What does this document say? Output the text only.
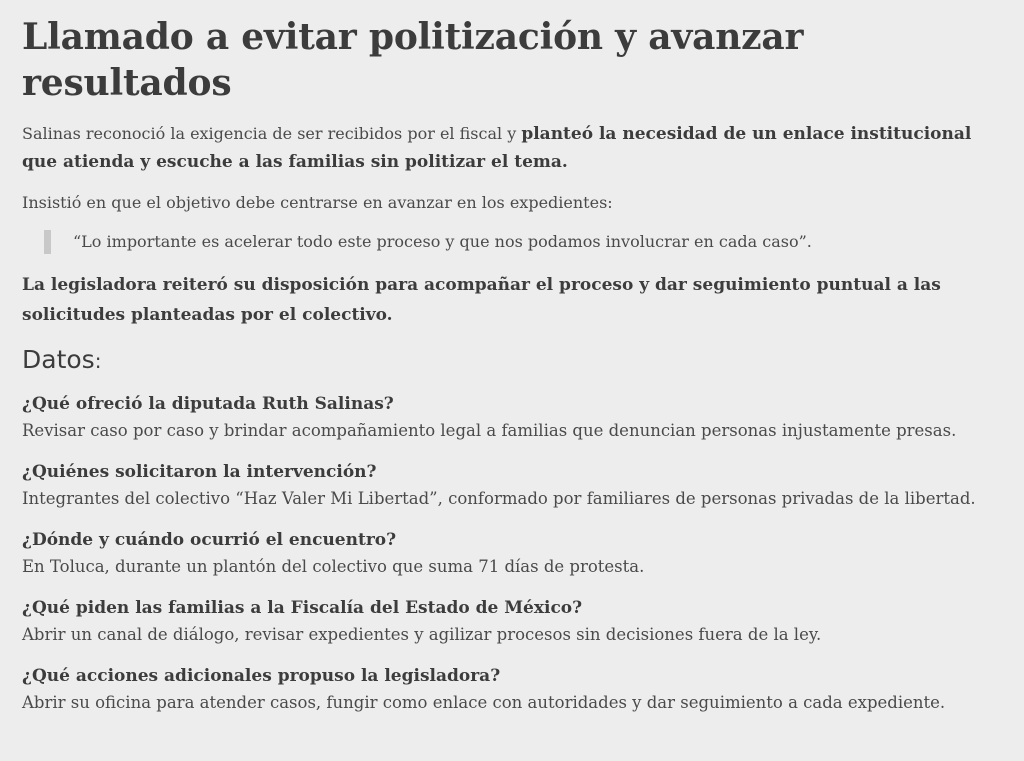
Llamado a evitar politización y avanzar resultados

Salinas reconoció la exigencia de ser recibidos por el fiscal y planteó la necesidad de un enlace institucional que atienda y escuche a las familias sin politizar el tema.

Insistió en que el objetivo debe centrarse en avanzar en los expedientes:

“Lo importante es acelerar todo este proceso y que nos podamos involucrar en cada caso”.

La legisladora reiteró su disposición para acompañar el proceso y dar seguimiento puntual a las solicitudes planteadas por el colectivo.

Datos:
¿Qué ofreció la diputada Ruth Salinas?
Revisar caso por caso y brindar acompañamiento legal a familias que denuncian personas injustamente presas.
¿Quiénes solicitaron la intervención?
Integrantes del colectivo “Haz Valer Mi Libertad”, conformado por familiares de personas privadas de la libertad.
¿Dónde y cuándo ocurrió el encuentro?
En Toluca, durante un plantón del colectivo que suma 71 días de protesta.
¿Qué piden las familias a la Fiscalía del Estado de México?
Abrir un canal de diálogo, revisar expedientes y agilizar procesos sin decisiones fuera de la ley.
¿Qué acciones adicionales propuso la legisladora?
Abrir su oficina para atender casos, fungir como enlace con autoridades y dar seguimiento a cada expediente.
